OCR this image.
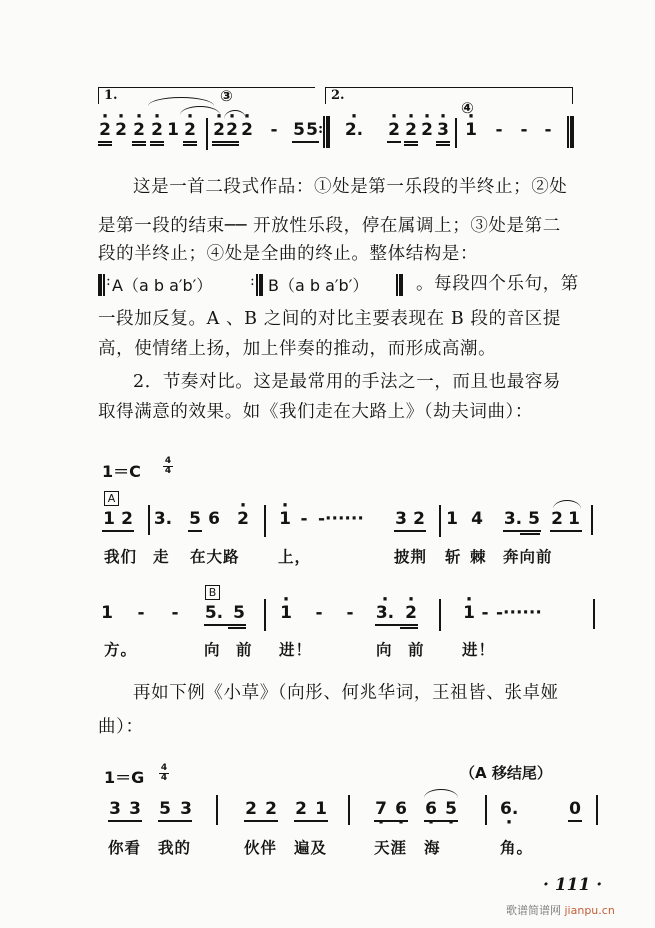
1.	2.
③
④
· 2 · 2 · 2 · 2 1 · 2 · 2 · 2 · 2 - 5 5 · 2. · 2 · 2 · 2 · 3 · 1 - - -
:
这是一首二段式作品：①处是第一乐段的半终止；②处
是第一段的结束── 开放性乐段，停在属调上；③处是第二
段的半终止；④处是全曲的终止。整体结构是：
: A（a b a′b′）	: B（a b a′b′）	。每段四个乐句，第
一段加反复。A 、B 之间的对比主要表现在 B 段的音区提
高，使情绪上扬，加上伴奏的推动，而形成高潮。
2．节奏对比。这是最常用的手法之一，而且也最容易
取得满意的效果。如《我们走在大路上》（劫夫词曲）：
1＝C
4
4
A
1 2 3. 5 6 · 2 · 1 - -······ 3 2 1 4 3. 5 2 1
我们 走 在大路 上，	披荆 斩 棘 奔向前
B
1 - - 5. 5 · 1 - - · 3. · 2	· 1 - -······
方。	向 前 进！	向 前 进！
再如下例《小草》（向彤、何兆华词，王祖皆、张卓娅
曲）：
1＝G 4
4	（A 移结尾）
3 3 5 3	2 2 2 1	7 · 6 · 6 · 5 ·	6. ·	0
你看 我的	伙伴 遍及	天涯 海	角。
· 111 ·
歌谱简谱网 jianpu.cn
